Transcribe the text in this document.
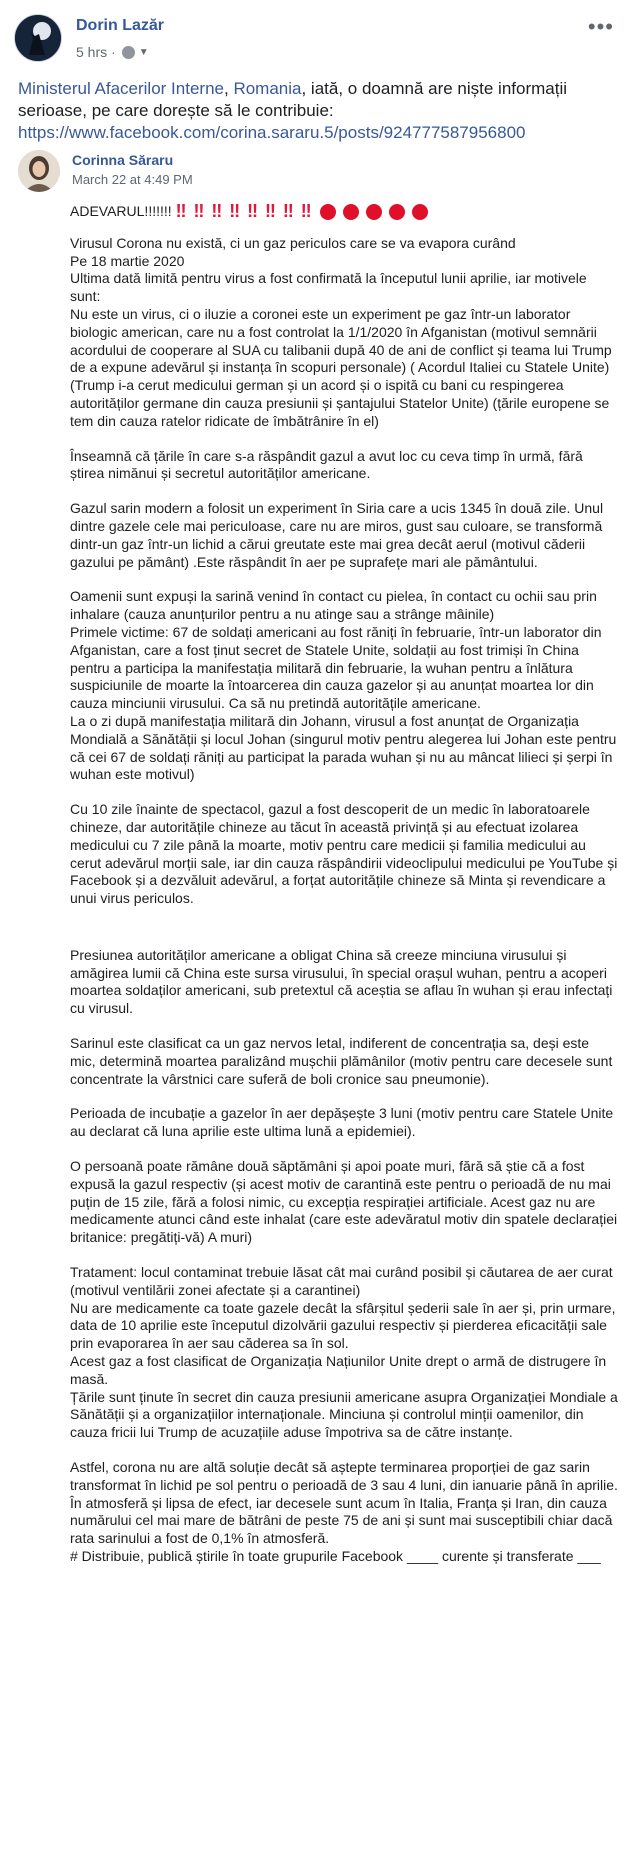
Dorin Lazăr
5 hrs · ▼
•••
Ministerul Afacerilor Interne, Romania, iată, o doamnă are niște informații serioase, pe care dorește să le contribuie:
https://www.facebook.com/corina.sararu.5/posts/924777587956800
Corinna Săraru
March 22 at 4:49 PM
ADEVARUL!!!!!!! ‼ ‼ ‼ ‼ ‼ ‼ ‼ ‼

Virusul Corona nu există, ci un gaz periculos care se va evapora curând
Pe 18 martie 2020
Ultima dată limită pentru virus a fost confirmată la începutul lunii aprilie, iar motivele sunt:
Nu este un virus, ci o iluzie a coronei este un experiment pe gaz într-un laborator biologic american, care nu a fost controlat la 1/1/2020 în Afganistan (motivul semnării acordului de cooperare al SUA cu talibanii după 40 de ani de conflict și teama lui Trump de a expune adevărul și instanța în scopuri personale) ( Acordul Italiei cu Statele Unite) (Trump i-a cerut medicului german și un acord și o ispită cu bani cu respingerea autorităților germane din cauza presiunii și șantajului Statelor Unite) (țările europene se tem din cauza ratelor ridicate de îmbătrânire în el)

Înseamnă că țările în care s-a răspândit gazul a avut loc cu ceva timp în urmă, fără știrea nimănui și secretul autorităților americane.

Gazul sarin modern a folosit un experiment în Siria care a ucis 1345 în două zile. Unul dintre gazele cele mai periculoase, care nu are miros, gust sau culoare, se transformă dintr-un gaz într-un lichid a cărui greutate este mai grea decât aerul (motivul căderii gazului pe pământ) .Este răspândit în aer pe suprafețe mari ale pământului.

Oamenii sunt expuși la sarină venind în contact cu pielea, în contact cu ochii sau prin inhalare (cauza anunțurilor pentru a nu atinge sau a strânge mâinile)
Primele victime: 67 de soldați americani au fost răniți în februarie, într-un laborator din Afganistan, care a fost ținut secret de Statele Unite, soldații au fost trimiși în China pentru a participa la manifestația militară din februarie, la wuhan pentru a înlătura suspiciunile de moarte la întoarcerea din cauza gazelor și au anunțat moartea lor din cauza minciunii virusului. Ca să nu pretindă autoritățile americane.
La o zi după manifestația militară din Johann, virusul a fost anunțat de Organizația Mondială a Sănătății și locul Johan (singurul motiv pentru alegerea lui Johan este pentru că cei 67 de soldați răniți au participat la parada wuhan și nu au mâncat lilieci și șerpi în wuhan este motivul)

Cu 10 zile înainte de spectacol, gazul a fost descoperit de un medic în laboratoarele chineze, dar autoritățile chineze au tăcut în această privință și au efectuat izolarea medicului cu 7 zile până la moarte, motiv pentru care medicii și familia medicului au cerut adevărul morții sale, iar din cauza răspândirii videoclipului medicului pe YouTube și Facebook și a dezvăluit adevărul, a forțat autoritățile chineze să Minta și revendicare a unui virus periculos.

Presiunea autorităților americane a obligat China să creeze minciuna virusului și amăgirea lumii că China este sursa virusului, în special orașul wuhan, pentru a acoperi moartea soldaților americani, sub pretextul că aceștia se aflau în wuhan și erau infectați cu virusul.

Sarinul este clasificat ca un gaz nervos letal, indiferent de concentrația sa, deși este mic, determină moartea paralizând mușchii plămânilor (motiv pentru care decesele sunt concentrate la vârstnici care suferă de boli cronice sau pneumonie).

Perioada de incubație a gazelor în aer depășește 3 luni (motiv pentru care Statele Unite au declarat că luna aprilie este ultima lună a epidemiei).

O persoană poate rămâne două săptămâni și apoi poate muri, fără să știe că a fost expusă la gazul respectiv (și acest motiv de carantină este pentru o perioadă de nu mai puțin de 15 zile, fără a folosi nimic, cu excepția respirației artificiale. Acest gaz nu are medicamente atunci când este inhalat (care este adevăratul motiv din spatele declarației britanice: pregătiți-vă) A muri)

Tratament: locul contaminat trebuie lăsat cât mai curând posibil și căutarea de aer curat (motivul ventilării zonei afectate și a carantinei)
Nu are medicamente ca toate gazele decât la sfârșitul șederii sale în aer și, prin urmare, data de 10 aprilie este începutul dizolvării gazului respectiv și pierderea eficacității sale prin evaporarea în aer sau căderea sa în sol.
Acest gaz a fost clasificat de Organizația Națiunilor Unite drept o armă de distrugere în masă.
Țările sunt ținute în secret din cauza presiunii americane asupra Organizației Mondiale a Sănătății și a organizațiilor internaționale. Minciuna și controlul minții oamenilor, din cauza fricii lui Trump de acuzațiile aduse împotriva sa de către instanțe.

Astfel, corona nu are altă soluție decât să aștepte terminarea proporției de gaz sarin transformat în lichid pe sol pentru o perioadă de 3 sau 4 luni, din ianuarie până în aprilie. În atmosferă și lipsa de efect, iar decesele sunt acum în Italia, Franța și Iran, din cauza numărului cel mai mare de bătrâni de peste 75 de ani și sunt mai susceptibili chiar dacă rata sarinului a fost de 0,1% în atmosferă.
# Distribuie, publică știrile în toate grupurile Facebook ____ curente și transferate ___
